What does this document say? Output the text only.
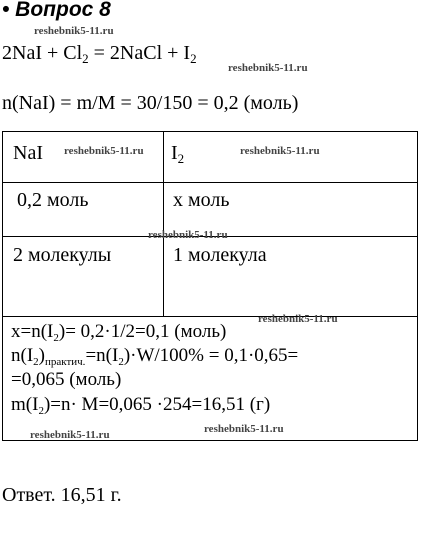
• Вопрос 8
reshebnik5-11.ru
$2NaI + Cl_2$ = 2NaCl + $I_2$
reshebnik5-11.ru
n(NaI) = m/M = 30/150 = 0,2 (моль)
NaI	$I_2$
0,2 моль	x моль
2 молекулы	1 молекула
$x=n(I_2)= 0,2\cdot 1/2=0,1$ (моль)
$n(I_2)_{практич.}=n(I_2)\cdot W/100\% = 0,1\cdot 0,65=$
=0,065 (моль)
$m(I_2)=n\cdot M=0,065 \cdot 254=16,51$ (г)
reshebnik5-11.ru	reshebnik5-11.ru
reshebnik5-11.ru
reshebnik5-11.ru
reshebnik5-11.ru	reshebnik5-11.ru
Ответ. 16,51 г.
